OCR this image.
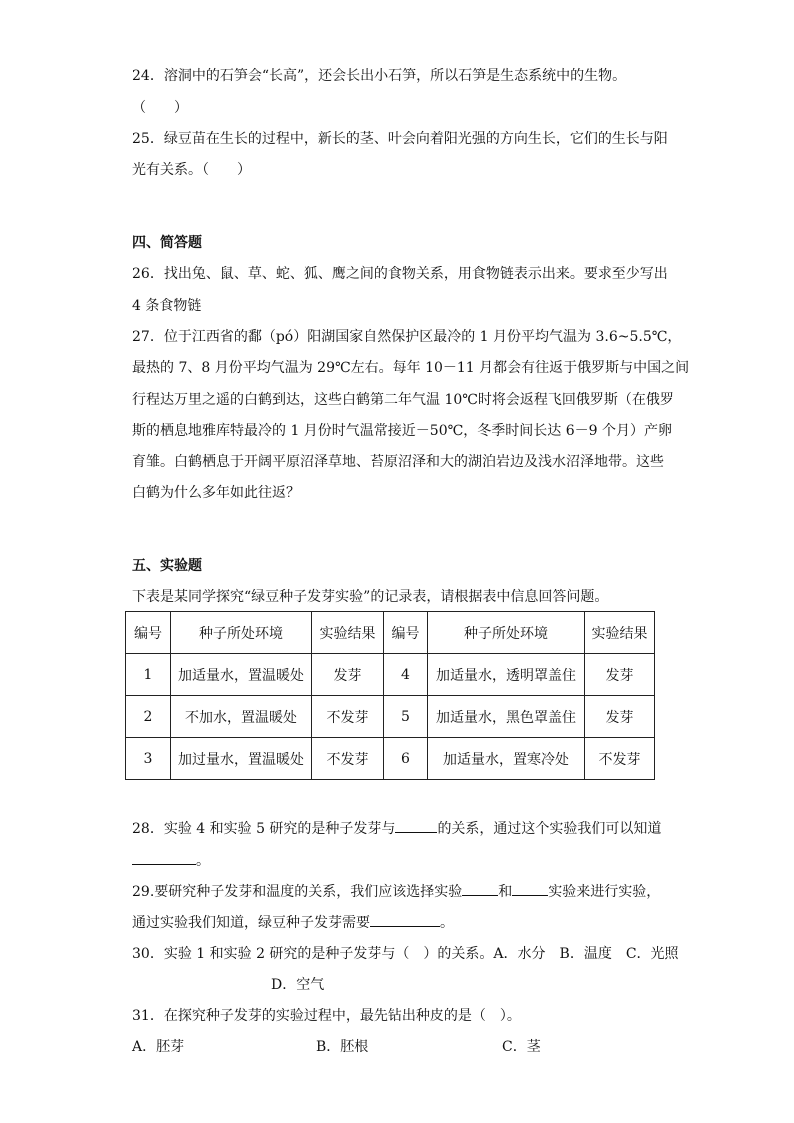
24．溶洞中的石笋会“长高”，还会长出小石笋，所以石笋是生态系统中的生物。
（　　）
25．绿豆苗在生长的过程中，新长的茎、叶会向着阳光强的方向生长，它们的生长与阳
光有关系。（　　）
四、简答题
26．找出兔、鼠、草、蛇、狐、鹰之间的食物关系，用食物链表示出来。要求至少写出
4 条食物链
27．位于江西省的鄱（pó）阳湖国家自然保护区最冷的 1 月份平均气温为 3.6~5.5℃，
最热的 7、8 月份平均气温为 29℃左右。每年 10－11 月都会有往返于俄罗斯与中国之间
行程达万里之遥的白鹤到达，这些白鹤第二年气温 10℃时将会返程飞回俄罗斯（在俄罗
斯的栖息地雅库特最冷的 1 月份时气温常接近－50℃，冬季时间长达 6－9 个月）产卵
育雏。白鹤栖息于开阔平原沼泽草地、苔原沼泽和大的湖泊岩边及浅水沼泽地带。这些
白鹤为什么多年如此往返？
五、实验题
下表是某同学探究“绿豆种子发芽实验”的记录表，请根据表中信息回答问题。
编号	种子所处环境	实验结果	编号	种子所处环境	实验结果
1	加适量水，置温暖处	发芽	4	加适量水，透明罩盖住	发芽
2	不加水，置温暖处	不发芽	5	加适量水，黑色罩盖住	发芽
3	加过量水，置温暖处	不发芽	6	加适量水，置寒冷处	不发芽
28．实验 4 和实验 5 研究的是种子发芽与	的关系，通过这个实验我们可以知道
。
29.要研究种子发芽和温度的关系，我们应该选择实验	和	实验来进行实验，
通过实验我们知道，绿豆种子发芽需要	。
30．实验 1 和实验 2 研究的是种子发芽与（　）的关系。A．水分　B．温度　C．光照
D．空气
31．在探究种子发芽的实验过程中，最先钻出种皮的是（　）。
A．胚芽	B．胚根	C．茎
